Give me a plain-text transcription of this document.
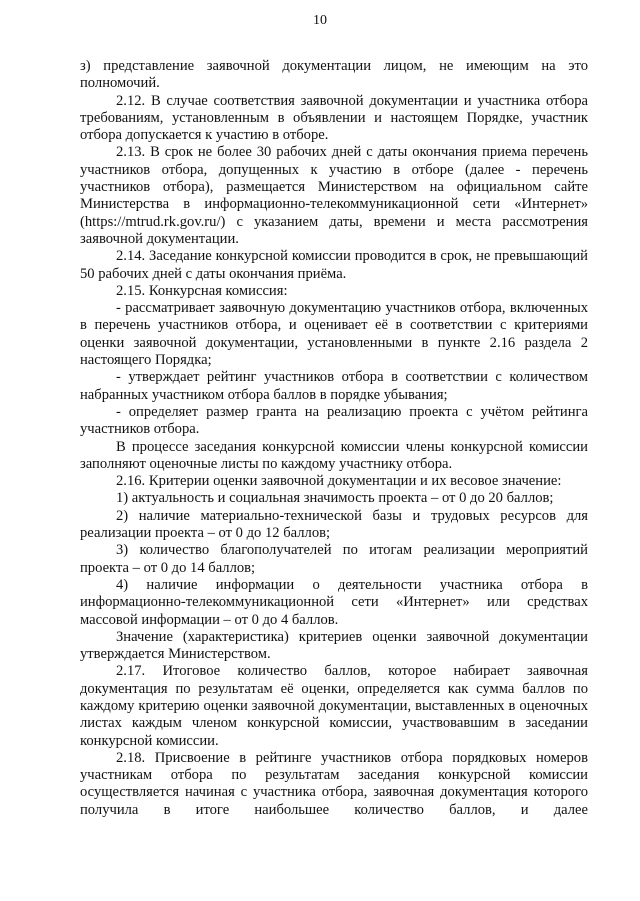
10

з) представление заявочной документации лицом, не имеющим на это полномочий.

2.12. В случае соответствия заявочной документации и участника отбора требованиям, установленным в объявлении и настоящем Порядке, участник отбора допускается к участию в отборе.

2.13. В срок не более 30 рабочих дней с даты окончания приема перечень участников отбора, допущенных к участию в отборе (далее - перечень участников отбора), размещается Министерством на официальном сайте Министерства в информационно-телекоммуникационной сети «Интернет» (https://mtrud.rk.gov.ru/) с указанием даты, времени и места рассмотрения заявочной документации.

2.14. Заседание конкурсной комиссии проводится в срок, не превышающий 50 рабочих дней с даты окончания приёма.

2.15. Конкурсная комиссия:

- рассматривает заявочную документацию участников отбора, включенных в перечень участников отбора, и оценивает её в соответствии с критериями оценки заявочной документации, установленными в пункте 2.16 раздела 2 настоящего Порядка;

- утверждает рейтинг участников отбора в соответствии с количеством набранных участником отбора баллов в порядке убывания;

- определяет размер гранта на реализацию проекта с учётом рейтинга участников отбора.

В процессе заседания конкурсной комиссии члены конкурсной комиссии заполняют оценочные листы по каждому участнику отбора.

2.16. Критерии оценки заявочной документации и их весовое значение:

1) актуальность и социальная значимость проекта – от 0 до 20 баллов;

2) наличие материально-технической базы и трудовых ресурсов для реализации проекта – от 0 до 12 баллов;

3) количество благополучателей по итогам реализации мероприятий проекта – от 0 до 14 баллов;

4) наличие информации о деятельности участника отбора в информационно-телекоммуникационной сети «Интернет» или средствах массовой информации – от 0 до 4 баллов.

Значение (характеристика) критериев оценки заявочной документации утверждается Министерством.

2.17. Итоговое количество баллов, которое набирает заявочная документация по результатам её оценки, определяется как сумма баллов по каждому критерию оценки заявочной документации, выставленных в оценочных листах каждым членом конкурсной комиссии, участвовавшим в заседании конкурсной комиссии.

2.18. Присвоение в рейтинге участников отбора порядковых номеров участникам отбора по результатам заседания конкурсной комиссии осуществляется начиная с участника отбора, заявочная документация которого получила в итоге наибольшее количество баллов, и далее
